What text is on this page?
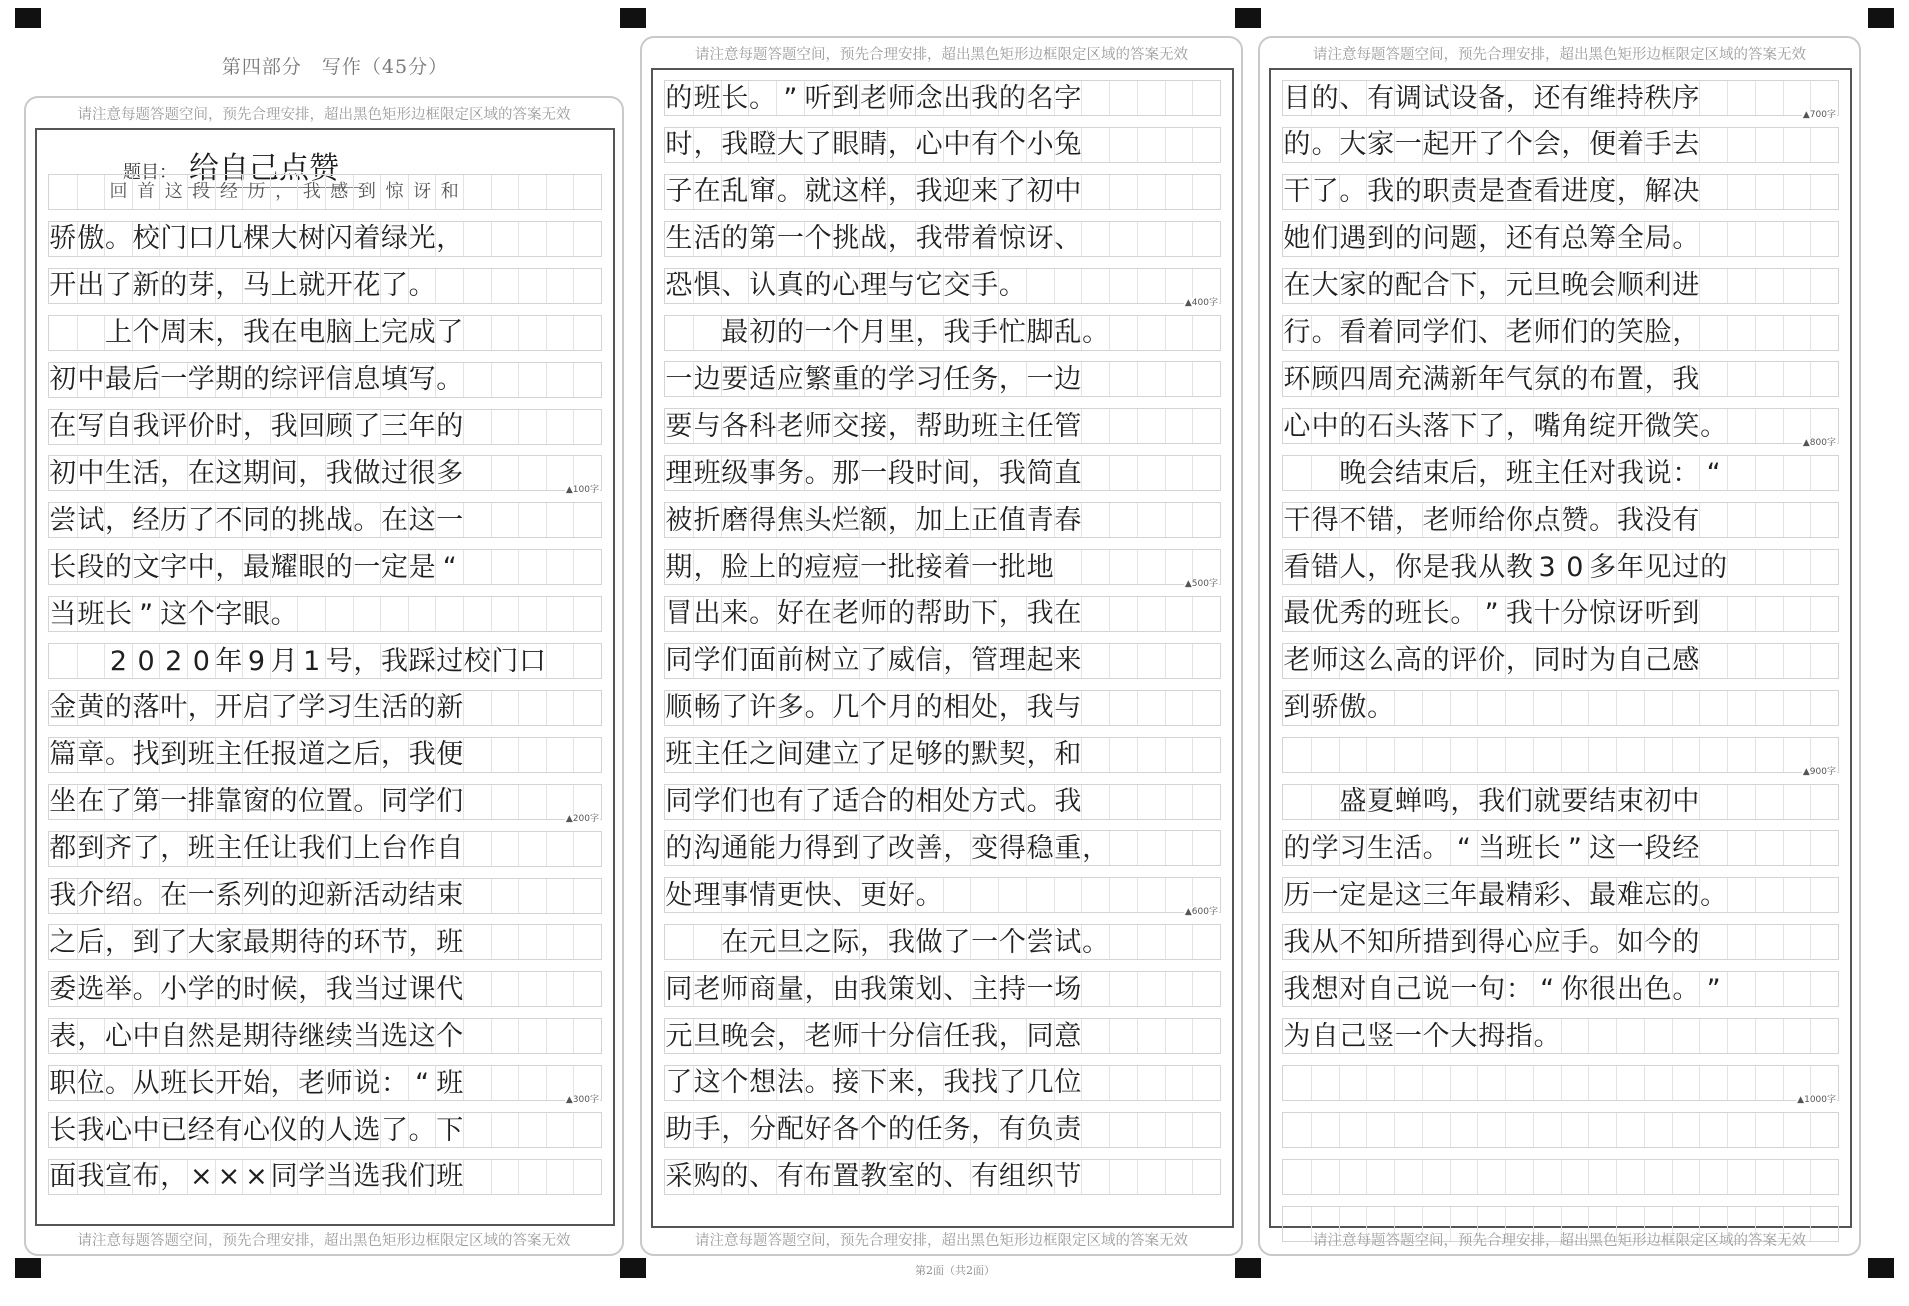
第四部分　写作（45分）
请注意每题答题空间，预先合理安排，超出黑色矩形边框限定区域的答案无效
题目： 给自己点赞
回 首 这 段 经 历 ， 我 感 到 惊 讶 和
骄 傲 。 校 门 口 几 棵 大 树 闪 着 绿 光 ，
开 出 了 新 的 芽 ， 马 上 就 开 花 了 。
上 个 周 末 ， 我 在 电 脑 上 完 成 了
初 中 最 后 一 学 期 的 综 评 信 息 填 写 。
在 写 自 我 评 价 时 ， 我 回 顾 了 三 年 的
初 中 生 活 ， 在 这 期 间 ， 我 做 过 很 多
尝 试 ， 经 历 了 不 同 的 挑 战 。 在 这 一
长 段 的 文 字 中 ， 最 耀 眼 的 一 定 是 “
当 班 长 ” 这 个 字 眼 。
2 0 2 0 年 9 月 1 号 ， 我 踩 过 校 门 口
金 黄 的 落 叶 ， 开 启 了 学 习 生 活 的 新
篇 章 。 找 到 班 主 任 报 道 之 后 ， 我 便
坐 在 了 第 一 排 靠 窗 的 位 置 。 同 学 们
都 到 齐 了 ， 班 主 任 让 我 们 上 台 作 自
我 介 绍 。 在 一 系 列 的 迎 新 活 动 结 束
之 后 ， 到 了 大 家 最 期 待 的 环 节 ， 班
委 选 举 。 小 学 的 时 候 ， 我 当 过 课 代
表 ， 心 中 自 然 是 期 待 继 续 当 选 这 个
职 位 。 从 班 长 开 始 ， 老 师 说 ： “ 班
长 我 心 中 已 经 有 心 仪 的 人 选 了 。 下
面 我 宣 布 ， × × × 同 学 当 选 我 们 班
▲100字
▲200字
▲300字
请注意每题答题空间，预先合理安排，超出黑色矩形边框限定区域的答案无效
请注意每题答题空间，预先合理安排，超出黑色矩形边框限定区域的答案无效
的 班 长 。 ” 听 到 老 师 念 出 我 的 名 字
时 ， 我 瞪 大 了 眼 睛 ， 心 中 有 个 小 兔
子 在 乱 窜 。 就 这 样 ， 我 迎 来 了 初 中
生 活 的 第 一 个 挑 战 ， 我 带 着 惊 讶 、
恐 惧 、 认 真 的 心 理 与 它 交 手 。
最 初 的 一 个 月 里 ， 我 手 忙 脚 乱 。
一 边 要 适 应 繁 重 的 学 习 任 务 ， 一 边
要 与 各 科 老 师 交 接 ， 帮 助 班 主 任 管
理 班 级 事 务 。 那 一 段 时 间 ， 我 简 直
被 折 磨 得 焦 头 烂 额 ， 加 上 正 值 青 春
期 ， 脸 上 的 痘 痘 一 批 接 着 一 批 地
冒 出 来 。 好 在 老 师 的 帮 助 下 ， 我 在
同 学 们 面 前 树 立 了 威 信 ， 管 理 起 来
顺 畅 了 许 多 。 几 个 月 的 相 处 ， 我 与
班 主 任 之 间 建 立 了 足 够 的 默 契 ， 和
同 学 们 也 有 了 适 合 的 相 处 方 式 。 我
的 沟 通 能 力 得 到 了 改 善 ， 变 得 稳 重 ，
处 理 事 情 更 快 、 更 好 。
在 元 旦 之 际 ， 我 做 了 一 个 尝 试 。
同 老 师 商 量 ， 由 我 策 划 、 主 持 一 场
元 旦 晚 会 ， 老 师 十 分 信 任 我 ， 同 意
了 这 个 想 法 。 接 下 来 ， 我 找 了 几 位
助 手 ， 分 配 好 各 个 的 任 务 ， 有 负 责
采 购 的 、 有 布 置 教 室 的 、 有 组 织 节
▲400字
▲500字
▲600字
请注意每题答题空间，预先合理安排，超出黑色矩形边框限定区域的答案无效
请注意每题答题空间，预先合理安排，超出黑色矩形边框限定区域的答案无效
目 的 、 有 调 试 设 备 ， 还 有 维 持 秩 序
的 。 大 家 一 起 开 了 个 会 ， 便 着 手 去
干 了 。 我 的 职 责 是 查 看 进 度 ， 解 决
她 们 遇 到 的 问 题 ， 还 有 总 筹 全 局 。
在 大 家 的 配 合 下 ， 元 旦 晚 会 顺 利 进
行 。 看 着 同 学 们 、 老 师 们 的 笑 脸 ，
环 顾 四 周 充 满 新 年 气 氛 的 布 置 ， 我
心 中 的 石 头 落 下 了 ， 嘴 角 绽 开 微 笑 。
晚 会 结 束 后 ， 班 主 任 对 我 说 ： “
干 得 不 错 ， 老 师 给 你 点 赞 。 我 没 有
看 错 人 ， 你 是 我 从 教 3 0 多 年 见 过 的
最 优 秀 的 班 长 。 ” 我 十 分 惊 讶 听 到
老 师 这 么 高 的 评 价 ， 同 时 为 自 己 感
到 骄 傲 。
盛 夏 蝉 鸣 ， 我 们 就 要 结 束 初 中
的 学 习 生 活 。 “ 当 班 长 ” 这 一 段 经
历 一 定 是 这 三 年 最 精 彩 、 最 难 忘 的 。
我 从 不 知 所 措 到 得 心 应 手 。 如 今 的
我 想 对 自 己 说 一 句 ： “ 你 很 出 色 。 ”
为 自 己 竖 一 个 大 拇 指 。
▲700字
▲800字
▲900字
▲1000字
请注意每题答题空间，预先合理安排，超出黑色矩形边框限定区域的答案无效
第2面（共2面）
